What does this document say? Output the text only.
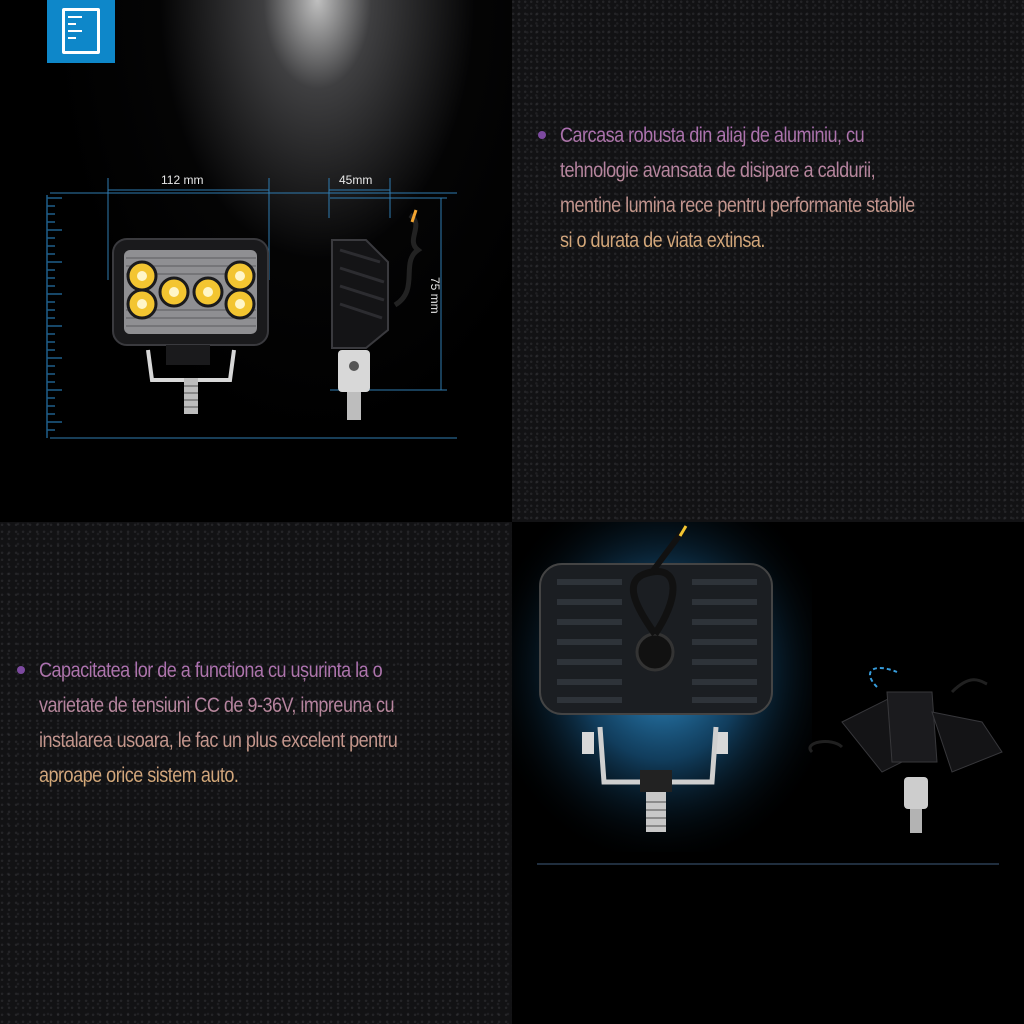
112 mm	45mm
75 mm
Carcasa robusta din aliaj de aluminiu, cu
tehnologie avansata de disipare a caldurii,
mentine lumina rece pentru performante stabile
si o durata de viata extinsa.
Capacitatea lor de a functiona cu ușurinta la o
varietate de tensiuni CC de 9-36V, impreuna cu
instalarea usoara, le fac un plus excelent pentru
aproape orice sistem auto.
